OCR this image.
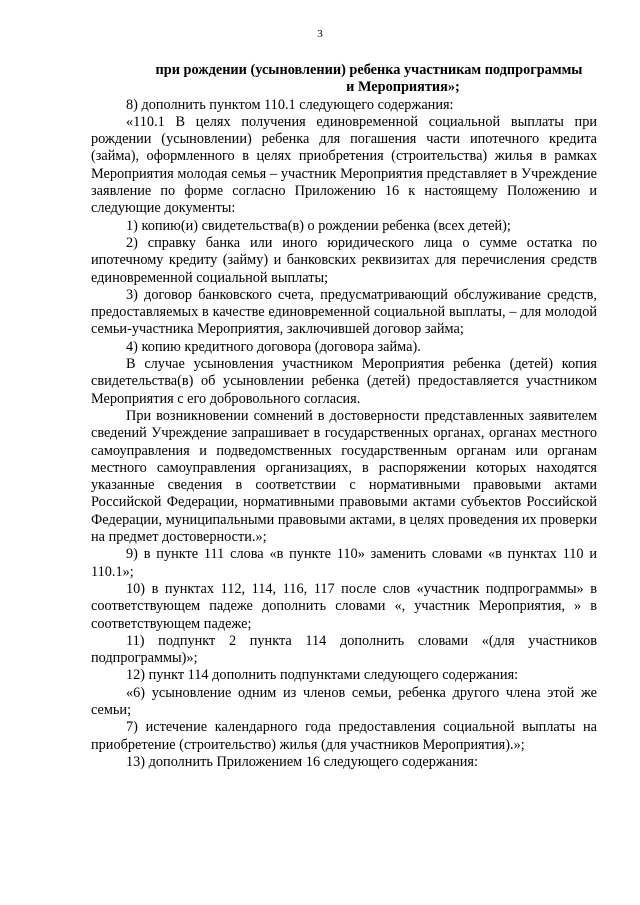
3

при рождении (усыновлении) ребенка участникам подпрограммы
и Мероприятия»;

8) дополнить пунктом 110.1 следующего содержания:

«110.1 В целях получения единовременной социальной выплаты при рождении (усыновлении) ребенка для погашения части ипотечного кредита (займа), оформленного в целях приобретения (строительства) жилья в рамках Мероприятия молодая семья – участник Мероприятия представляет в Учреждение заявление по форме согласно Приложению 16 к настоящему Положению и следующие документы:

1) копию(и) свидетельства(в) о рождении ребенка (всех детей);

2) справку банка или иного юридического лица о сумме остатка по ипотечному кредиту (займу) и банковских реквизитах для перечисления средств единовременной социальной выплаты;

3) договор банковского счета, предусматривающий обслуживание средств, предоставляемых в качестве единовременной социальной выплаты, – для молодой семьи-участника Мероприятия, заключившей договор займа;

4) копию кредитного договора (договора займа).

В случае усыновления участником Мероприятия ребенка (детей) копия свидетельства(в) об усыновлении ребенка (детей) предоставляется участником Мероприятия с его добровольного согласия.

При возникновении сомнений в достоверности представленных заявителем сведений Учреждение запрашивает в государственных органах, органах местного самоуправления и подведомственных государственным органам или органам местного самоуправления организациях, в распоряжении которых находятся указанные сведения в соответствии с нормативными правовыми актами Российской Федерации, нормативными правовыми актами субъектов Российской Федерации, муниципальными правовыми актами, в целях проведения их проверки на предмет достоверности.»;

9) в пункте 111 слова «в пункте 110» заменить словами «в пунктах 110 и 110.1»;

10) в пунктах 112, 114, 116, 117 после слов «участник подпрограммы» в соответствующем падеже дополнить словами «, участник Мероприятия, » в соответствующем падеже;

11) подпункт 2 пункта 114 дополнить словами «(для участников подпрограммы)»;

12) пункт 114 дополнить подпунктами следующего содержания:

«6) усыновление одним из членов семьи, ребенка другого члена этой же семьи;

7) истечение календарного года предоставления социальной выплаты на приобретение (строительство) жилья (для участников Мероприятия).»;

13) дополнить Приложением 16 следующего содержания:
